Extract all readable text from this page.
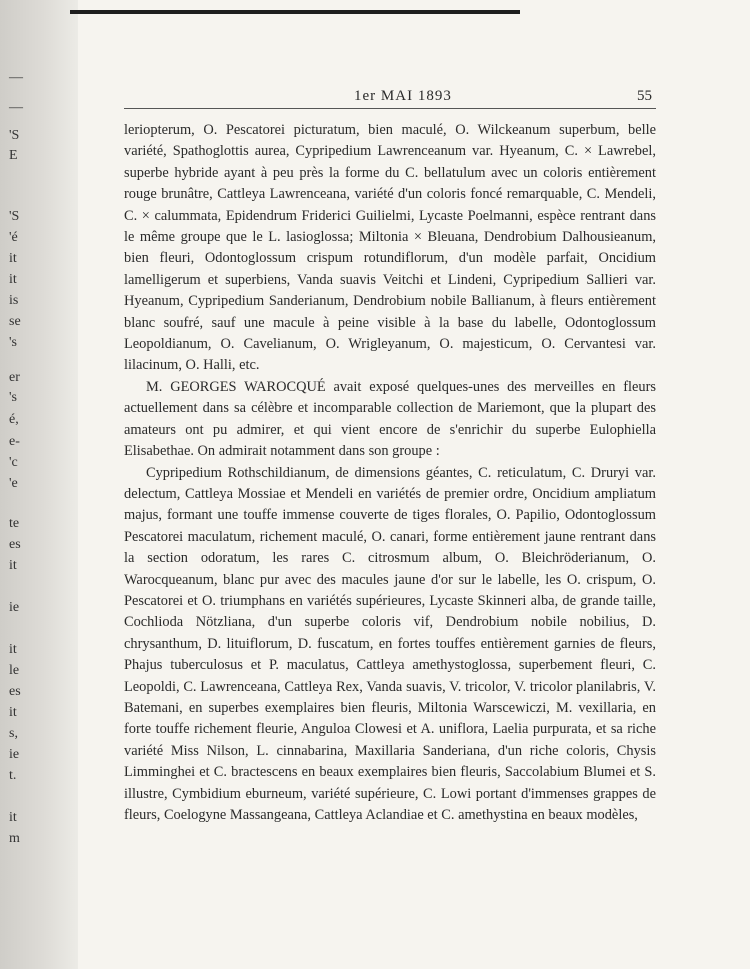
—
—
'S
E
'S
'é
it
it
is
se
's
er
's
é,
e-
'c
'e
te
es
it
ie
it
le
es
it
s,
ie
t.
it
m
1er MAI 1893	55

leriopterum, O. Pescatorei picturatum, bien maculé, O. Wilckeanum superbum, belle variété, Spathoglottis aurea, Cypripedium Lawrenceanum var. Hyeanum, C. × Lawrebel, superbe hybride ayant à peu près la forme du C. bellatulum avec un coloris entièrement rouge brunâtre, Cattleya Lawrenceana, variété d'un coloris foncé remarquable, C. Mendeli, C. × calummata, Epidendrum Friderici Guilielmi, Lycaste Poelmanni, espèce rentrant dans le même groupe que le L. lasioglossa; Miltonia × Bleuana, Dendrobium Dalhousieanum, bien fleuri, Odontoglossum crispum rotundiflorum, d'un modèle parfait, Oncidium lamelligerum et superbiens, Vanda suavis Veitchi et Lindeni, Cypripedium Sallieri var. Hyeanum, Cypripedium Sanderianum, Dendrobium nobile Ballianum, à fleurs entièrement blanc soufré, sauf une macule à peine visible à la base du labelle, Odontoglossum Leopoldianum, O. Cavelianum, O. Wrigleyanum, O. majesticum, O. Cervantesi var. lilacinum, O. Halli, etc.

M. GEORGES WAROCQUÉ avait exposé quelques-unes des merveilles en fleurs actuellement dans sa célèbre et incomparable collection de Mariemont, que la plupart des amateurs ont pu admirer, et qui vient encore de s'enrichir du superbe Eulophiella Elisabethae. On admirait notamment dans son groupe :

Cypripedium Rothschildianum, de dimensions géantes, C. reticulatum, C. Druryi var. delectum, Cattleya Mossiae et Mendeli en variétés de premier ordre, Oncidium ampliatum majus, formant une touffe immense couverte de tiges florales, O. Papilio, Odontoglossum Pescatorei maculatum, richement maculé, O. canari, forme entièrement jaune rentrant dans la section odoratum, les rares C. citrosmum album, O. Bleichröderianum, O. Warocqueanum, blanc pur avec des macules jaune d'or sur le labelle, les O. crispum, O. Pescatorei et O. triumphans en variétés supérieures, Lycaste Skinneri alba, de grande taille, Cochlioda Nötzliana, d'un superbe coloris vif, Dendrobium nobile nobilius, D. chrysanthum, D. lituiflorum, D. fuscatum, en fortes touffes entièrement garnies de fleurs, Phajus tuberculosus et P. maculatus, Cattleya amethystoglossa, superbement fleuri, C. Leopoldi, C. Lawrenceana, Cattleya Rex, Vanda suavis, V. tricolor, V. tricolor planilabris, V. Batemani, en superbes exemplaires bien fleuris, Miltonia Warscewiczi, M. vexillaria, en forte touffe richement fleurie, Anguloa Clowesi et A. uniflora, Laelia purpurata, et sa riche variété Miss Nilson, L. cinnabarina, Maxillaria Sanderiana, d'un riche coloris, Chysis Limminghei et C. bractescens en beaux exemplaires bien fleuris, Saccolabium Blumei et S. illustre, Cymbidium eburneum, variété supérieure, C. Lowi portant d'immenses grappes de fleurs, Coelogyne Massangeana, Cattleya Aclandiae et C. amethystina en beaux modèles,
